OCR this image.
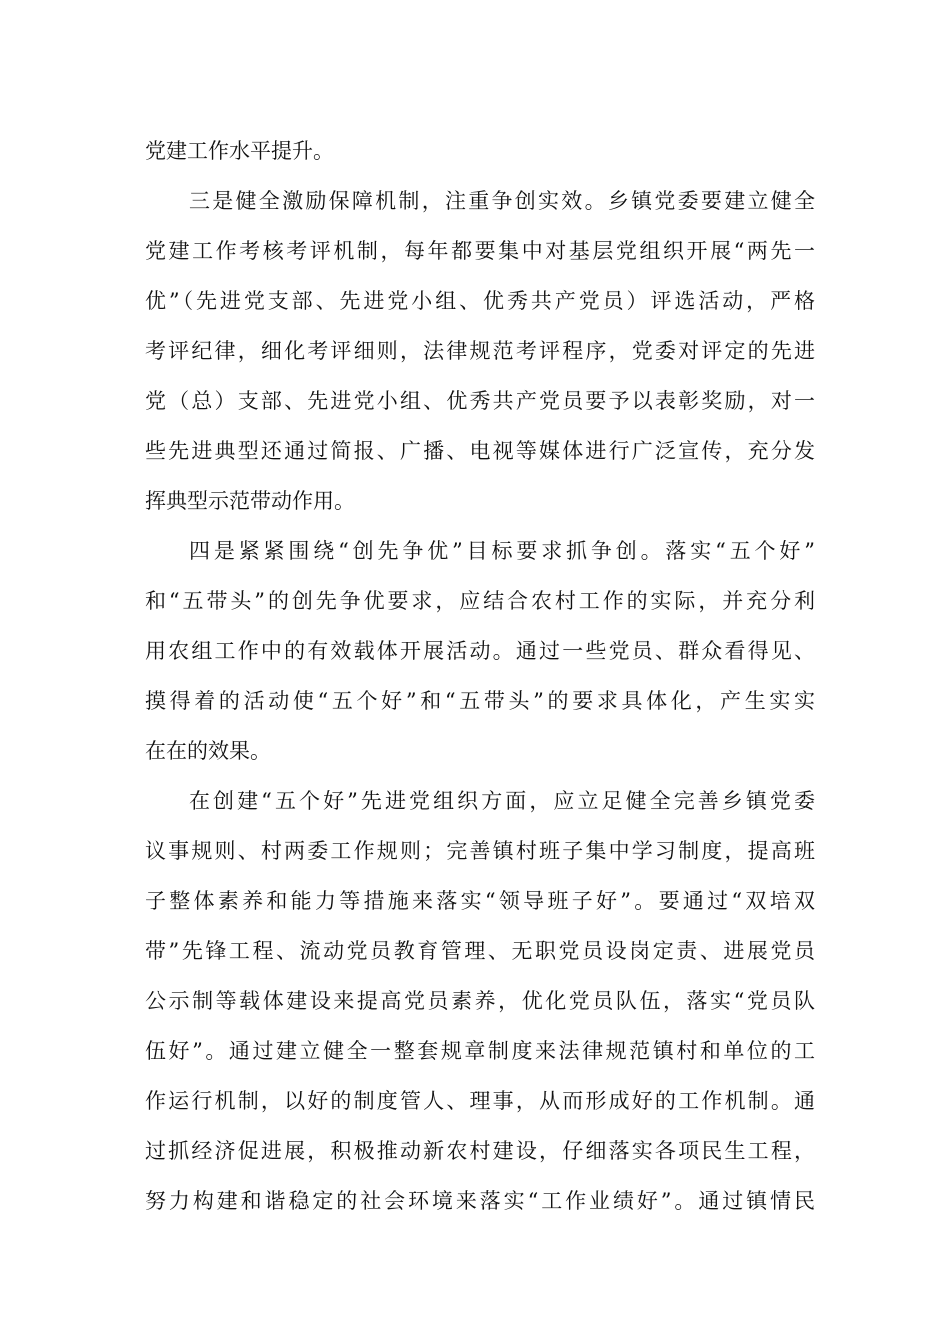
党建工作水平提升。
三是健全激励保障机制，注重争创实效。乡镇党委要建立健全
党建工作考核考评机制，每年都要集中对基层党组织开展“两先一
优”（先进党支部、先进党小组、优秀共产党员）评选活动，严格
考评纪律，细化考评细则，法律规范考评程序，党委对评定的先进
党（总）支部、先进党小组、优秀共产党员要予以表彰奖励，对一
些先进典型还通过简报、广播、电视等媒体进行广泛宣传，充分发
挥典型示范带动作用。
四是紧紧围绕“创先争优”目标要求抓争创。落实“五个好”
和“五带头”的创先争优要求，应结合农村工作的实际，并充分利
用农组工作中的有效载体开展活动。通过一些党员、群众看得见、
摸得着的活动使“五个好”和“五带头”的要求具体化，产生实实
在在的效果。
在创建“五个好”先进党组织方面，应立足健全完善乡镇党委
议事规则、村两委工作规则；完善镇村班子集中学习制度，提高班
子整体素养和能力等措施来落实“领导班子好”。要通过“双培双
带”先锋工程、流动党员教育管理、无职党员设岗定责、进展党员
公示制等载体建设来提高党员素养，优化党员队伍，落实“党员队
伍好”。通过建立健全一整套规章制度来法律规范镇村和单位的工
作运行机制，以好的制度管人、理事，从而形成好的工作机制。通
过抓经济促进展，积极推动新农村建设，仔细落实各项民生工程，
努力构建和谐稳定的社会环境来落实“工作业绩好”。通过镇情民
